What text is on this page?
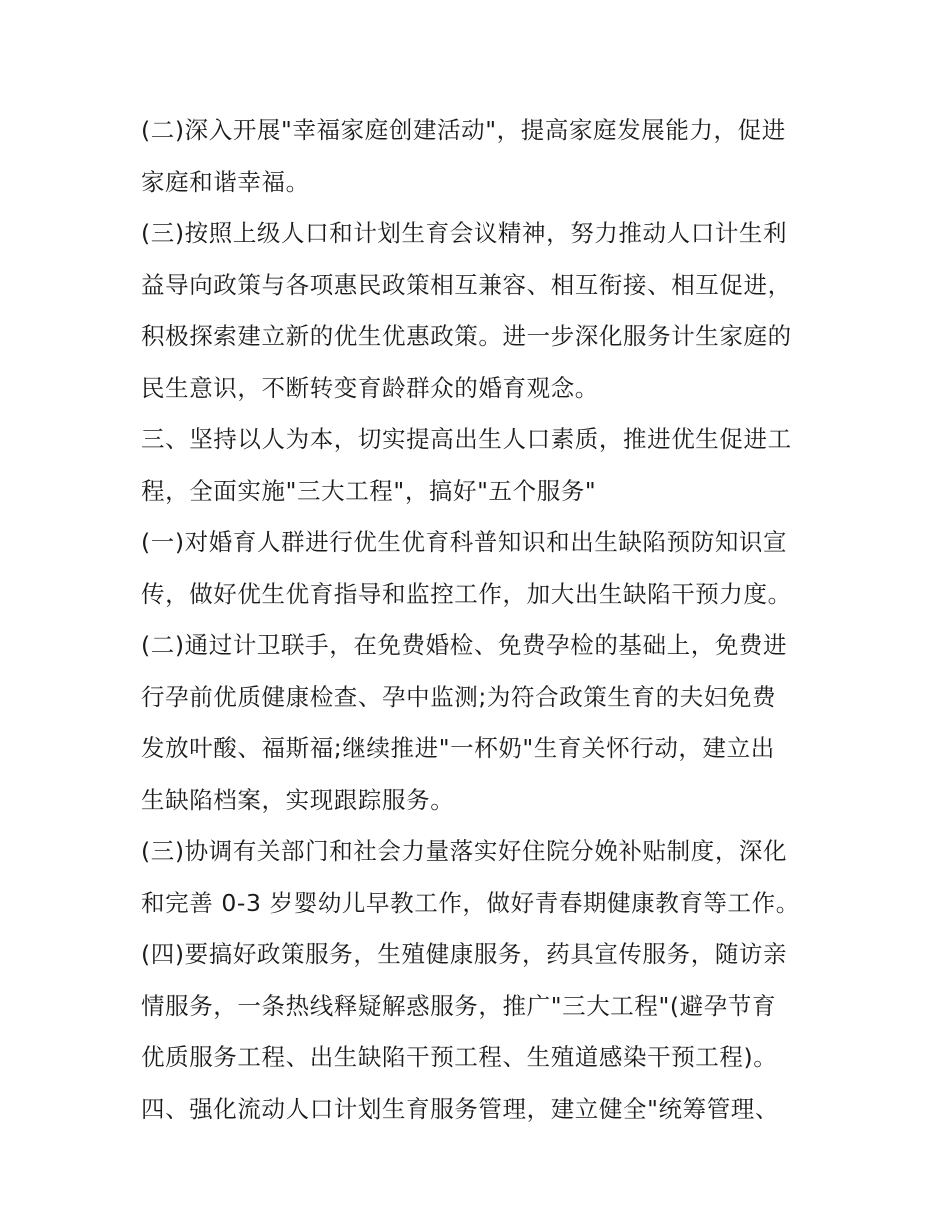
(二)深入开展"幸福家庭创建活动"，提高家庭发展能力，促进
家庭和谐幸福。
(三)按照上级人口和计划生育会议精神，努力推动人口计生利
益导向政策与各项惠民政策相互兼容、相互衔接、相互促进，
积极探索建立新的优生优惠政策。进一步深化服务计生家庭的
民生意识，不断转变育龄群众的婚育观念。
三、坚持以人为本，切实提高出生人口素质，推进优生促进工
程，全面实施"三大工程"，搞好"五个服务"
(一)对婚育人群进行优生优育科普知识和出生缺陷预防知识宣
传，做好优生优育指导和监控工作，加大出生缺陷干预力度。
(二)通过计卫联手，在免费婚检、免费孕检的基础上，免费进
行孕前优质健康检查、孕中监测;为符合政策生育的夫妇免费
发放叶酸、福斯福;继续推进"一杯奶"生育关怀行动，建立出
生缺陷档案，实现跟踪服务。
(三)协调有关部门和社会力量落实好住院分娩补贴制度，深化
和完善 0-3 岁婴幼儿早教工作，做好青春期健康教育等工作。
(四)要搞好政策服务，生殖健康服务，药具宣传服务，随访亲
情服务，一条热线释疑解惑服务，推广"三大工程"(避孕节育
优质服务工程、出生缺陷干预工程、生殖道感染干预工程)。
四、强化流动人口计划生育服务管理，建立健全"统筹管理、
